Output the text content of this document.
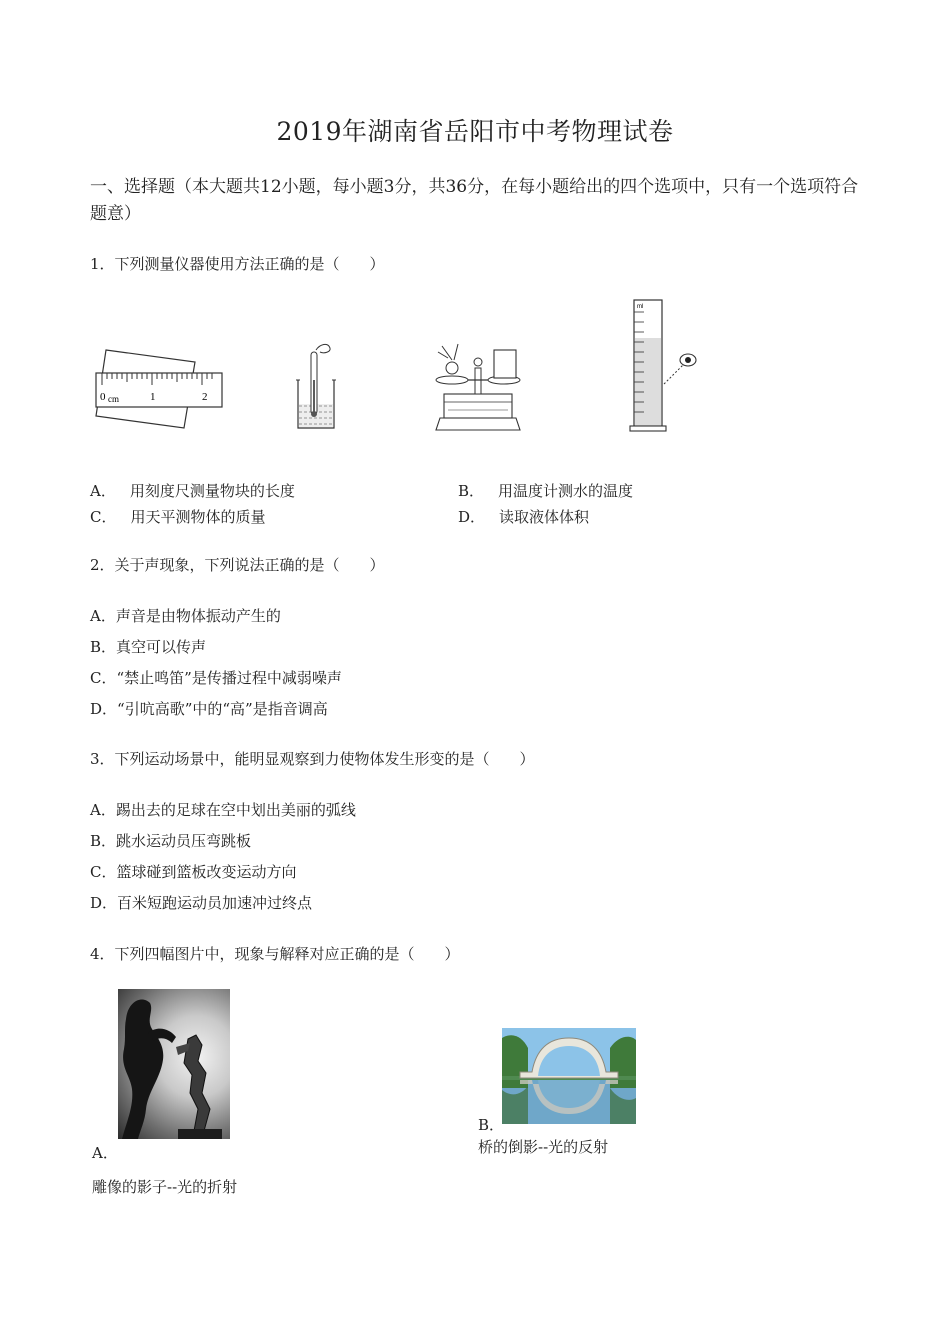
2019年湖南省岳阳市中考物理试卷
一、选择题（本大题共12小题，每小题3分，共36分，在每小题给出的四个选项中，只有一个选项符合题意）
1．下列测量仪器使用方法正确的是（　　）
0 cm	1	2
ml
A． 用刻度尺测量物块的长度	B． 用温度计测水的温度
C． 用天平测物体的质量	D． 读取液体体积
2．关于声现象，下列说法正确的是（　　）
A．声音是由物体振动产生的
B．真空可以传声
C．“禁止鸣笛”是传播过程中减弱噪声
D．“引吭高歌”中的“高”是指音调高
3．下列运动场景中，能明显观察到力使物体发生形变的是（　　）
A．踢出去的足球在空中划出美丽的弧线
B．跳水运动员压弯跳板
C．篮球碰到篮板改变运动方向
D．百米短跑运动员加速冲过终点
4．下列四幅图片中，现象与解释对应正确的是（　　）
A．
雕像的影子--光的折射
B．
桥的倒影--光的反射
